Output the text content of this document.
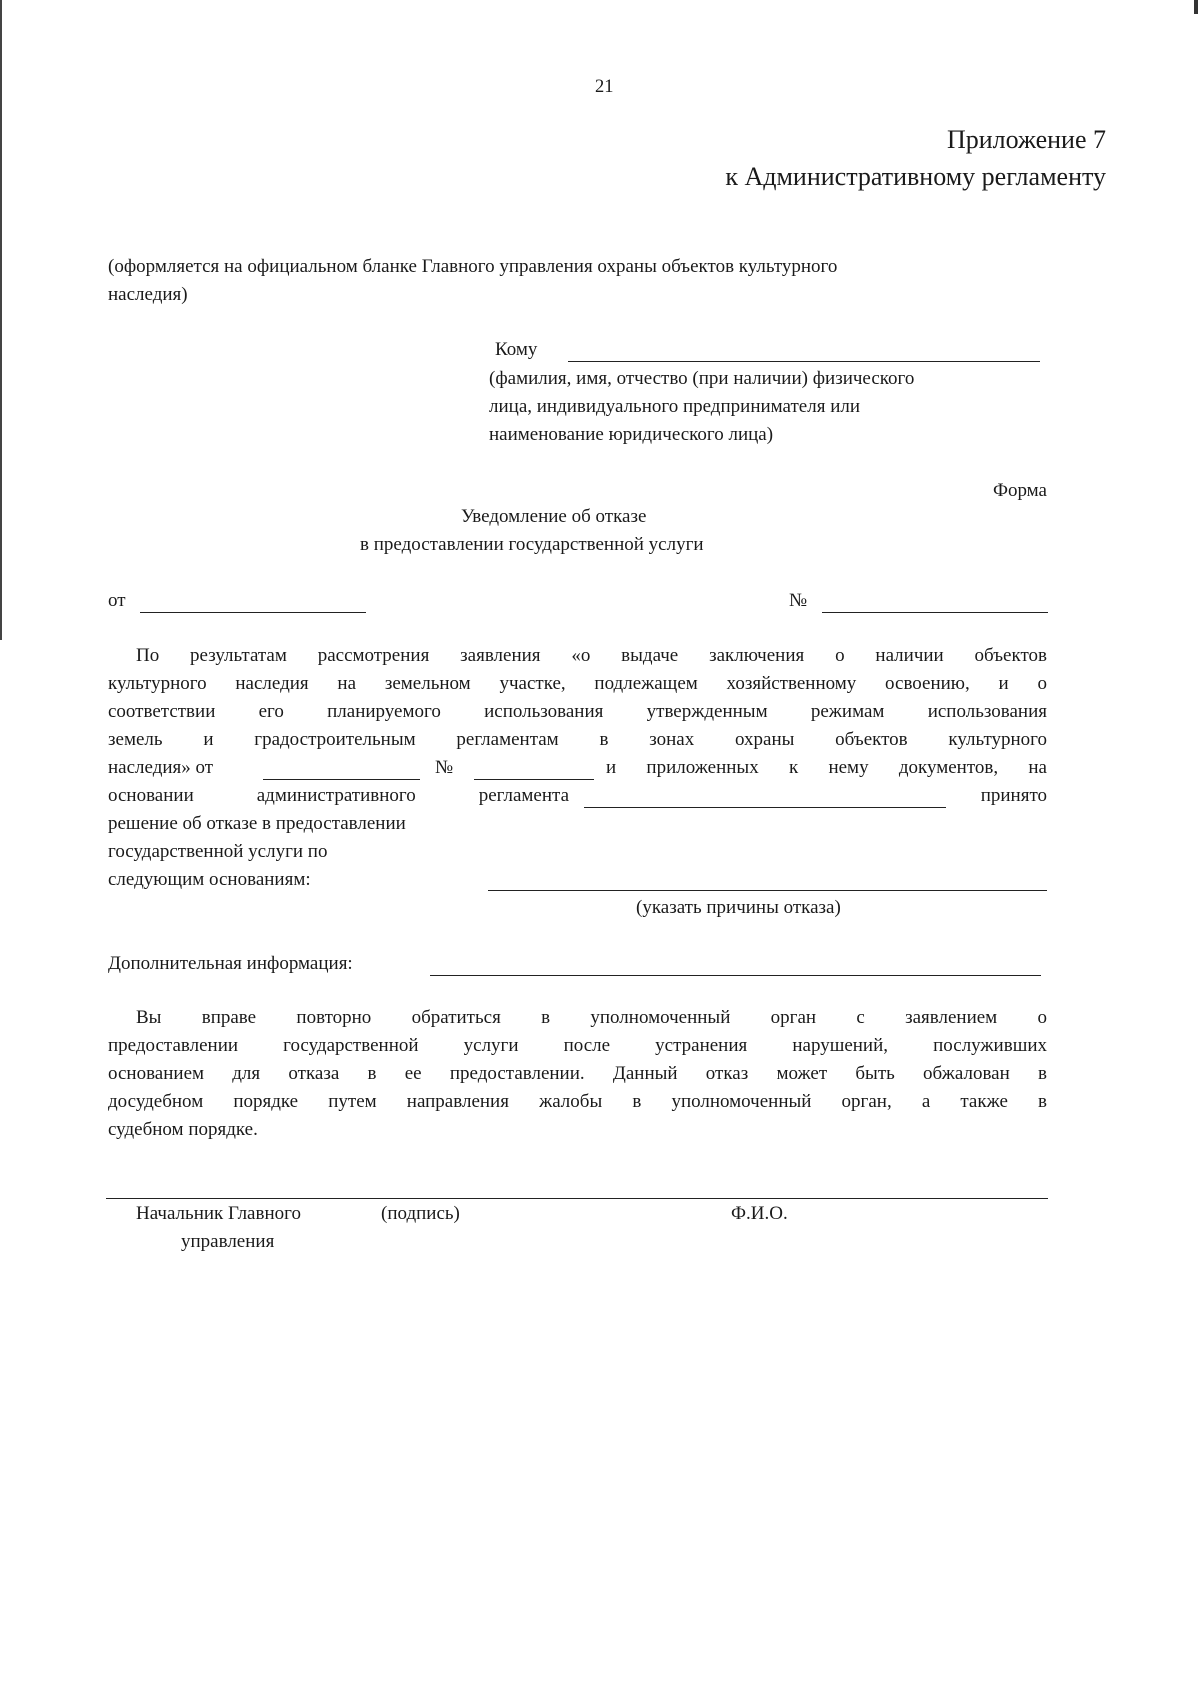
21
Приложение 7
к Административному регламенту
(оформляется на официальном бланке Главного управления охраны объектов культурного
наследия)
Кому
(фамилия, имя, отчество (при наличии) физического
лица, индивидуального предпринимателя или
наименование юридического лица)
Форма
Уведомление об отказе
в предоставлении государственной услуги
от	№
По результатам рассмотрения заявления «о выдаче заключения о наличии объектов
культурного наследия на земельном участке, подлежащем хозяйственному освоению, и о
соответствии его планируемого использования утвержденным режимам использования
земель и градостроительным регламентам в зонах охраны объектов культурного
наследия» от	№	и приложенных к нему документов, на
основании административного регламента	принято
решение об отказе в предоставлении
государственной услуги по
следующим основаниям:
(указать причины отказа)
Дополнительная информация:
Вы вправе повторно обратиться в уполномоченный орган с заявлением о
предоставлении государственной услуги после устранения нарушений, послуживших
основанием для отказа в ее предоставлении. Данный отказ может быть обжалован в
досудебном порядке путем направления жалобы в уполномоченный орган, а также в
судебном порядке.
Начальник Главного
управления
(подпись)	Ф.И.О.
